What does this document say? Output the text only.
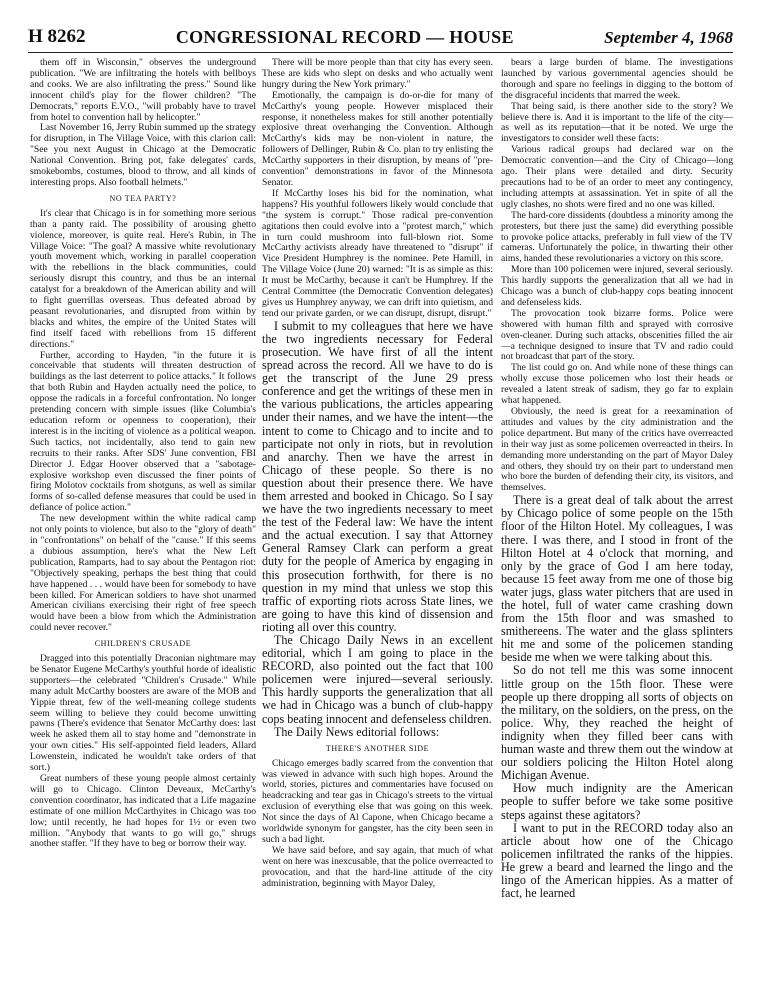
H 8262	CONGRESSIONAL RECORD — HOUSE	September 4, 1968

them off in Wisconsin," observes the underground publication. "We are infiltrating the hotels with bellboys and cooks. We are also infiltrating the press." Sound like innocent child's play for the flower children? "The Democrats," reports E.V.O., "will probably have to travel from hotel to convention hall by helicopter."

Last November 16, Jerry Rubin summed up the strategy for disruption, in The Village Voice, with this clarion call: "See you next August in Chicago at the Democratic National Convention. Bring pot, fake delegates' cards, smokebombs, costumes, blood to throw, and all kinds of interesting props. Also football helmets."

NO TEA PARTY?

It's clear that Chicago is in for something more serious than a panty raid. The possibility of arousing ghetto violence, moreover, is quite real. Here's Rubin, in The Village Voice: "The goal? A massive white revolutionary youth movement which, working in parallel cooperation with the rebellions in the black communities, could seriously disrupt this country, and thus be an internal catalyst for a breakdown of the American ability and will to fight guerrillas overseas. Thus defeated abroad by peasant revolutionaries, and disrupted from within by blacks and whites, the empire of the United States will find itself faced with rebellions from 15 different directions."

Further, according to Hayden, "in the future it is conceivable that students will threaten destruction of buildings as the last deterrent to police attacks." It follows that both Rubin and Hayden actually need the police, to oppose the radicals in a forceful confrontation. No longer pretending concern with simple issues (like Columbia's education reform or openness to cooperation), their interest is in the inciting of violence as a political weapon. Such tactics, not incidentally, also tend to gain new recruits to their ranks. After SDS' June convention, FBI Director J. Edgar Hoover observed that a "sabotage-explosive workshop even discussed the finer points of firing Molotov cocktails from shotguns, as well as similar forms of so-called defense measures that could be used in defiance of police action."

The new development within the white radical camp not only points to violence, but also to the "glory of death" in "confrontations" on behalf of the "cause." If this seems a dubious assumption, here's what the New Left publication, Ramparts, had to say about the Pentagon riot: "Objectively speaking, perhaps the best thing that could have happened . . . would have been for somebody to have been killed. For American soldiers to have shot unarmed American civilians exercising their right of free speech would have been a blow from which the Administration could never recover."

CHILDREN'S CRUSADE

Dragged into this potentially Draconian nightmare may be Senator Eugene McCarthy's youthful horde of idealistic supporters—the celebrated "Children's Crusade." While many adult McCarthy boosters are aware of the MOB and Yippie threat, few of the well-meaning college students seem willing to believe they could become unwitting pawns (There's evidence that Senator McCarthy does: last week he asked them all to stay home and "demonstrate in your own cities." His self-appointed field leaders, Allard Lowenstein, indicated he wouldn't take orders of that sort.)

Great numbers of these young people almost certainly will go to Chicago. Clinton Deveaux, McCarthy's convention coordinator, has indicated that a Life magazine estimate of one million McCarthyites in Chicago was too low; until recently, he had hopes for 1½ or even two million. "Anybody that wants to go will go," shrugs another staffer. "If they have to beg or borrow their way.

There will be more people than that city has every seen. These are kids who slept on desks and who actually went hungry during the New York primary."

Emotionally, the campaign is do-or-die for many of McCarthy's young people. However misplaced their response, it nonetheless makes for still another potentially explosive threat overhanging the Convention. Although McCarthy's kids may be non-violent in nature, the followers of Dellinger, Rubin & Co. plan to try enlisting the McCarthy supporters in their disruption, by means of "pre-convention" demonstrations in favor of the Minnesota Senator.

If McCarthy loses his bid for the nomination, what happens? His youthful followers likely would conclude that "the system is corrupt." Those radical pre-convention agitations then could evolve into a "protest march," which in turn could mushroom into full-blown riot. Some McCarthy activists already have threatened to "disrupt" if Vice President Humphrey is the nominee. Pete Hamill, in The Village Voice (June 20) warned: "It is as simple as this: It must be McCarthy, because it can't be Humphrey. If the Central Committee (the Democratic Convention delegates) gives us Humphrey anyway, we can drift into quietism, and tend our private garden, or we can disrupt, disrupt, disrupt."

I submit to my colleagues that here we have the two ingredients necessary for Federal prosecution. We have first of all the intent spread across the record. All we have to do is get the transcript of the June 29 press conference and get the writings of these men in the various publications, the articles appearing under their names, and we have the intent—the intent to come to Chicago and to incite and to participate not only in riots, but in revolution and anarchy. Then we have the arrest in Chicago of these people. So there is no question about their presence there. We have them arrested and booked in Chicago. So I say we have the two ingredients necessary to meet the test of the Federal law: We have the intent and the actual execution. I say that Attorney General Ramsey Clark can perform a great duty for the people of America by engaging in this prosecution forthwith, for there is no question in my mind that unless we stop this traffic of exporting riots across State lines, we are going to have this kind of dissension and rioting all over this country.

The Chicago Daily News in an excellent editorial, which I am going to place in the RECORD, also pointed out the fact that 100 policemen were injured—several seriously. This hardly supports the generalization that all we had in Chicago was a bunch of club-happy cops beating innocent and defenseless children.

The Daily News editorial follows:

THERE'S ANOTHER SIDE

Chicago emerges badly scarred from the convention that was viewed in advance with such high hopes. Around the world, stories, pictures and commentaries have focused on headcracking and tear gas in Chicago's streets to the virtual exclusion of everything else that was going on this week. Not since the days of Al Capone, when Chicago became a worldwide synonym for gangster, has the city been seen in such a bad light.

We have said before, and say again, that much of what went on here was inexcusable, that the police overreacted to provocation, and that the hard-line attitude of the city administration, beginning with Mayor Daley,

bears a large burden of blame. The investigations launched by various governmental agencies should be thorough and spare no feelings in digging to the bottom of the disgraceful incidents that marred the week.

That being said, is there another side to the story? We believe there is. And it is important to the life of the city—as well as its reputation—that it be noted. We urge the investigators to consider well these facts:

Various radical groups had declared war on the Democratic convention—and the City of Chicago—long ago. Their plans were detailed and dirty. Security precautions had to be of an order to meet any contingency, including attempts at assassination. Yet in spite of all the ugly clashes, no shots were fired and no one was killed.

The hard-core dissidents (doubtless a minority among the protesters, but there just the same) did everything possible to provoke police attacks, preferably in full view of the TV cameras. Unfortunately the police, in thwarting their other aims, handed these revolutionaries a victory on this score.

More than 100 policemen were injured, several seriously. This hardly supports the generalization that all we had in Chicago was a bunch of club-happy cops beating innocent and defenseless kids.

The provocation took bizarre forms. Police were showered with human filth and sprayed with corrosive oven-cleaner. During such attacks, obscenities filled the air—a technique designed to insure that TV and radio could not broadcast that part of the story.

The list could go on. And while none of these things can wholly excuse those policemen who lost their heads or revealed a latent streak of sadism, they go far to explain what happened.

Obviously, the need is great for a reexamination of attitudes and values by the city administration and the police department. But many of the critics have overreacted in their way just as some policemen overreacted in theirs. In demanding more understanding on the part of Mayor Daley and others, they should try on their part to understand men who bore the burden of defending their city, its visitors, and themselves.

There is a great deal of talk about the arrest by Chicago police of some people on the 15th floor of the Hilton Hotel. My colleagues, I was there. I was there, and I stood in front of the Hilton Hotel at 4 o'clock that morning, and only by the grace of God I am here today, because 15 feet away from me one of those big water jugs, glass water pitchers that are used in the hotel, full of water came crashing down from the 15th floor and was smashed to smithereens. The water and the glass splinters hit me and some of the policemen standing beside me when we were talking about this.

So do not tell me this was some innocent little group on the 15th floor. These were people up there dropping all sorts of objects on the military, on the soldiers, on the press, on the police. Why, they reached the height of indignity when they filled beer cans with human waste and threw them out the window at our soldiers policing the Hilton Hotel along Michigan Avenue.

How much indignity are the American people to suffer before we take some positive steps against these agitators?

I want to put in the RECORD today also an article about how one of the Chicago policemen infiltrated the ranks of the hippies. He grew a beard and learned the lingo and the lingo of the American hippies. As a matter of fact, he learned
